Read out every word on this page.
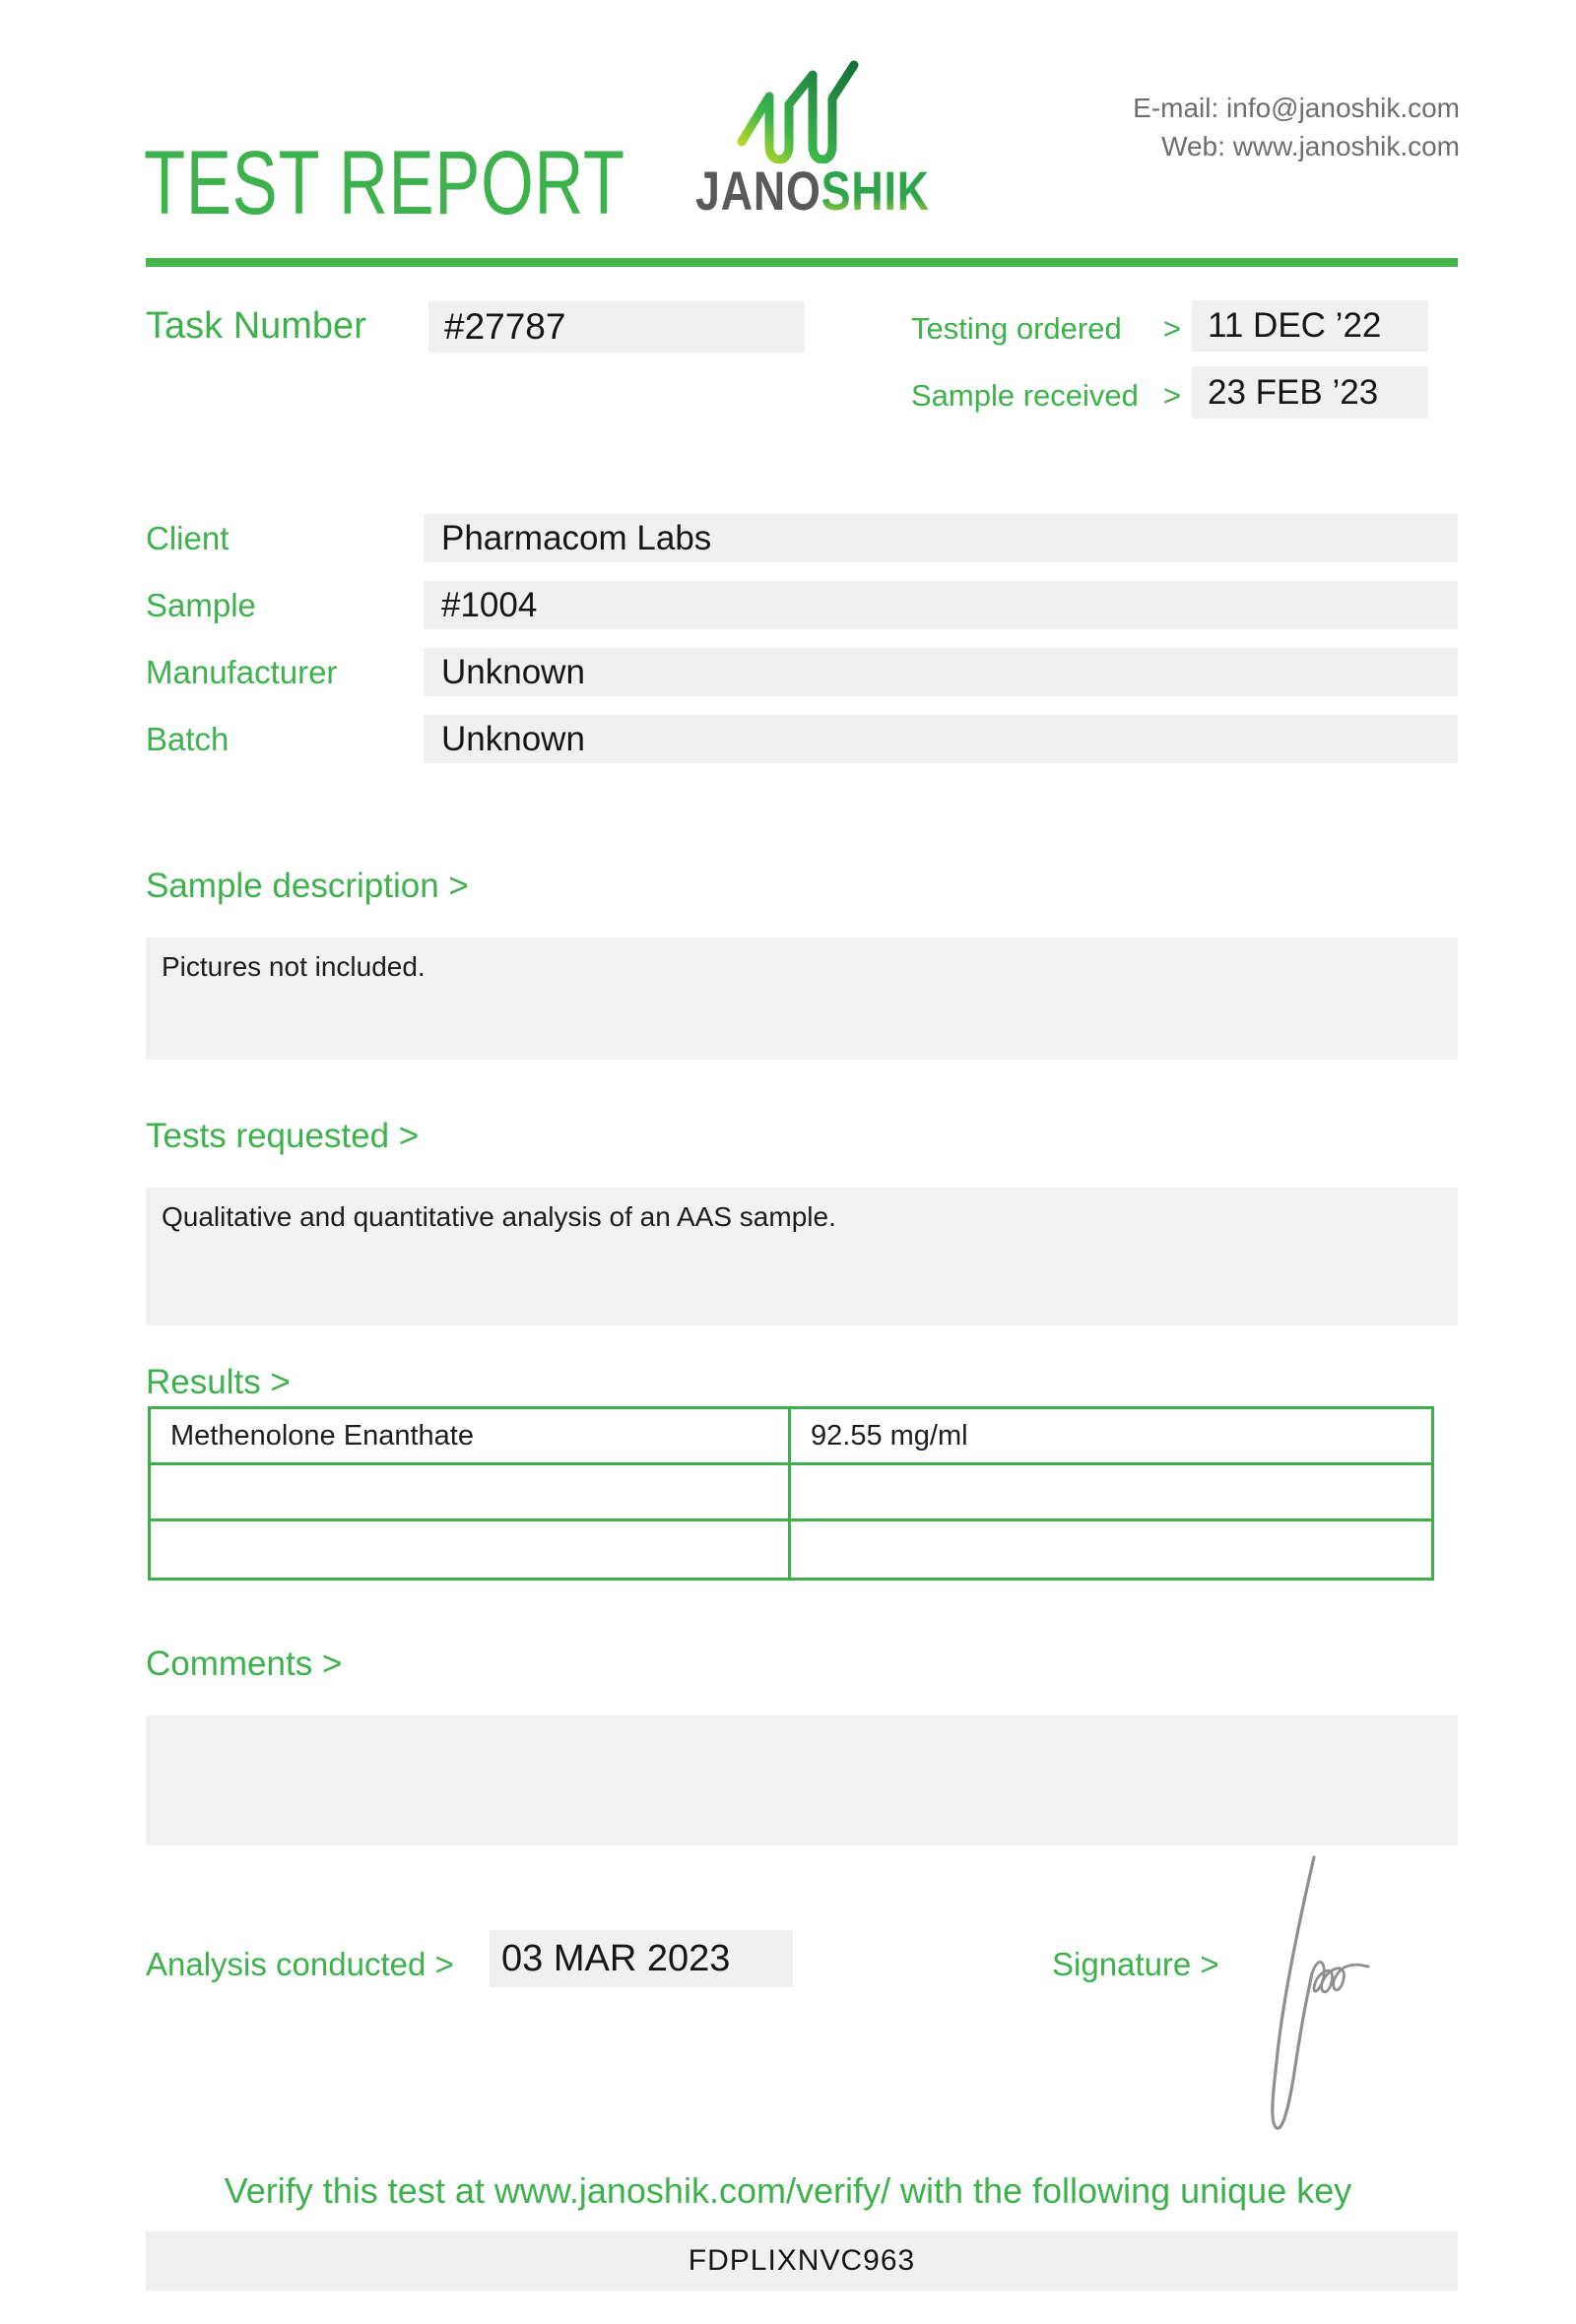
TEST REPORT JANOSHIK
E-mail: info@janoshik.com
Web: www.janoshik.com
Task Number	#27787	Testing ordered > 11 DEC ’22
Sample received > 23 FEB ’23
Client	Pharmacom Labs
Sample	#1004
Manufacturer	Unknown
Batch	Unknown
Sample description >
Pictures not included.
Tests requested >
Qualitative and quantitative analysis of an AAS sample.
Results >
Methenolone Enanthate	92.55 mg/ml
Comments >
Analysis conducted >	03 MAR 2023	Signature >
Verify this test at www.janoshik.com/verify/ with the following unique key
FDPLIXNVC963
